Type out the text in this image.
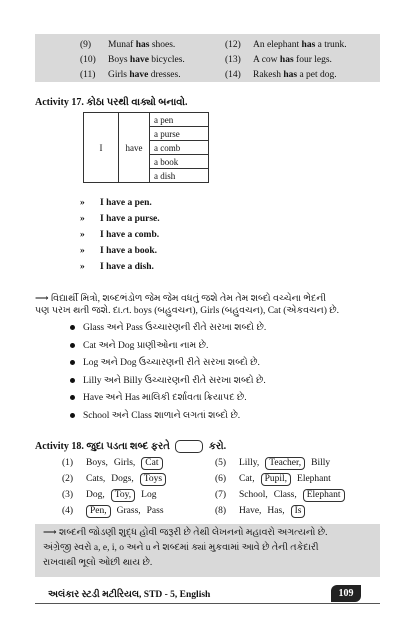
(9) Munaf has shoes.	(12) An elephant has a trunk.
(10) Boys have bicycles.	(13) A cow has four legs.
(11) Girls have dresses.	(14) Rakesh has a pet dog.
Activity 17. કોઠા પરથી વાક્યો બનાવો.
I	have	a pen
a purse
a comb
a book
a dish
» I have a pen.
» I have a purse.
» I have a comb.
» I have a book.
» I have a dish.
⟶ વિદ્યાર્થી મિત્રો, શબ્દભંડોળ જેમ જેમ વધતું જશે તેમ તેમ શબ્દો વચ્ચેના ભેદની
પણ પરખ થતી જશે. દા.ત. boys (બહુવચન), Girls (બહુવચન), Cat (એકવચન) છે.
Glass અને Pass ઉચ્ચારણની રીતે સરખા શબ્દો છે.
Cat અને Dog પ્રાણીઓના નામ છે.
Log અને Dog ઉચ્ચારણની રીતે સરખા શબ્દો છે.
Lilly અને Billy ઉચ્ચારણની રીતે સરખા શબ્દો છે.
Have અને Has માલિકી દર્શાવતા ક્રિયાપદ છે.
School અને Class શાળાને લગતાં શબ્દો છે.
Activity 18. જુદા પડતા શબ્દ ફરતે	કરો.
(1) Boys, Girls, Cat	(5) Lilly, Teacher, Billy
(2) Cats, Dogs, Toys	(6) Cat, Pupil, Elephant
(3) Dog, Toy, Log	(7) School, Class, Elephant
(4) Pen, Grass, Pass	(8) Have, Has, Is
⟶ શબ્દની જોડણી શુદ્ધ હોવી જરૂરી છે તેથી લેખનનો મહાવરો અગત્યનો છે.
અંગ્રેજી સ્વરો a, e, i, o અને u ને શબ્દમાં ક્યાં મુકવામાં આવે છે તેની તકેદારી
રાખવાથી ભૂલો ઓછી થાય છે.
અલંકાર સ્ટડી મટીરિયલ, STD - 5, English	109
